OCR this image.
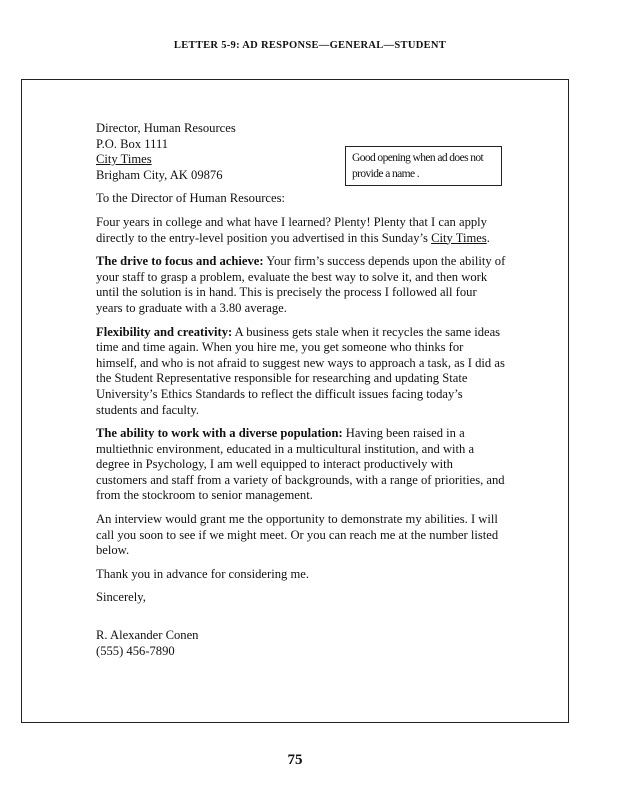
LETTER 5-9: AD RESPONSE—GENERAL—STUDENT
Good opening when ad does not provide a name .

Director, Human Resources
P.O. Box 1111
City Times
Brigham City, AK 09876

To the Director of Human Resources:

Four years in college and what have I learned? Plenty! Plenty that I can apply directly to the entry-level position you advertised in this Sunday’s City Times.

The drive to focus and achieve: Your firm’s success depends upon the ability of your staff to grasp a problem, evaluate the best way to solve it, and then work until the solution is in hand. This is precisely the process I followed all four years to graduate with a 3.80 average.

Flexibility and creativity: A business gets stale when it recycles the same ideas time and time again. When you hire me, you get someone who thinks for himself, and who is not afraid to suggest new ways to approach a task, as I did as the Student Representative responsible for researching and updating State University’s Ethics Standards to reflect the difficult issues facing today’s students and faculty.

The ability to work with a diverse population: Having been raised in a multiethnic environment, educated in a multicultural institution, and with a degree in Psychology, I am well equipped to interact productively with customers and staff from a variety of backgrounds, with a range of priorities, and from the stockroom to senior management.

An interview would grant me the opportunity to demonstrate my abilities. I will call you soon to see if we might meet. Or you can reach me at the number listed below.

Thank you in advance for considering me.

Sincerely,

R. Alexander Conen
(555) 456-7890

75
